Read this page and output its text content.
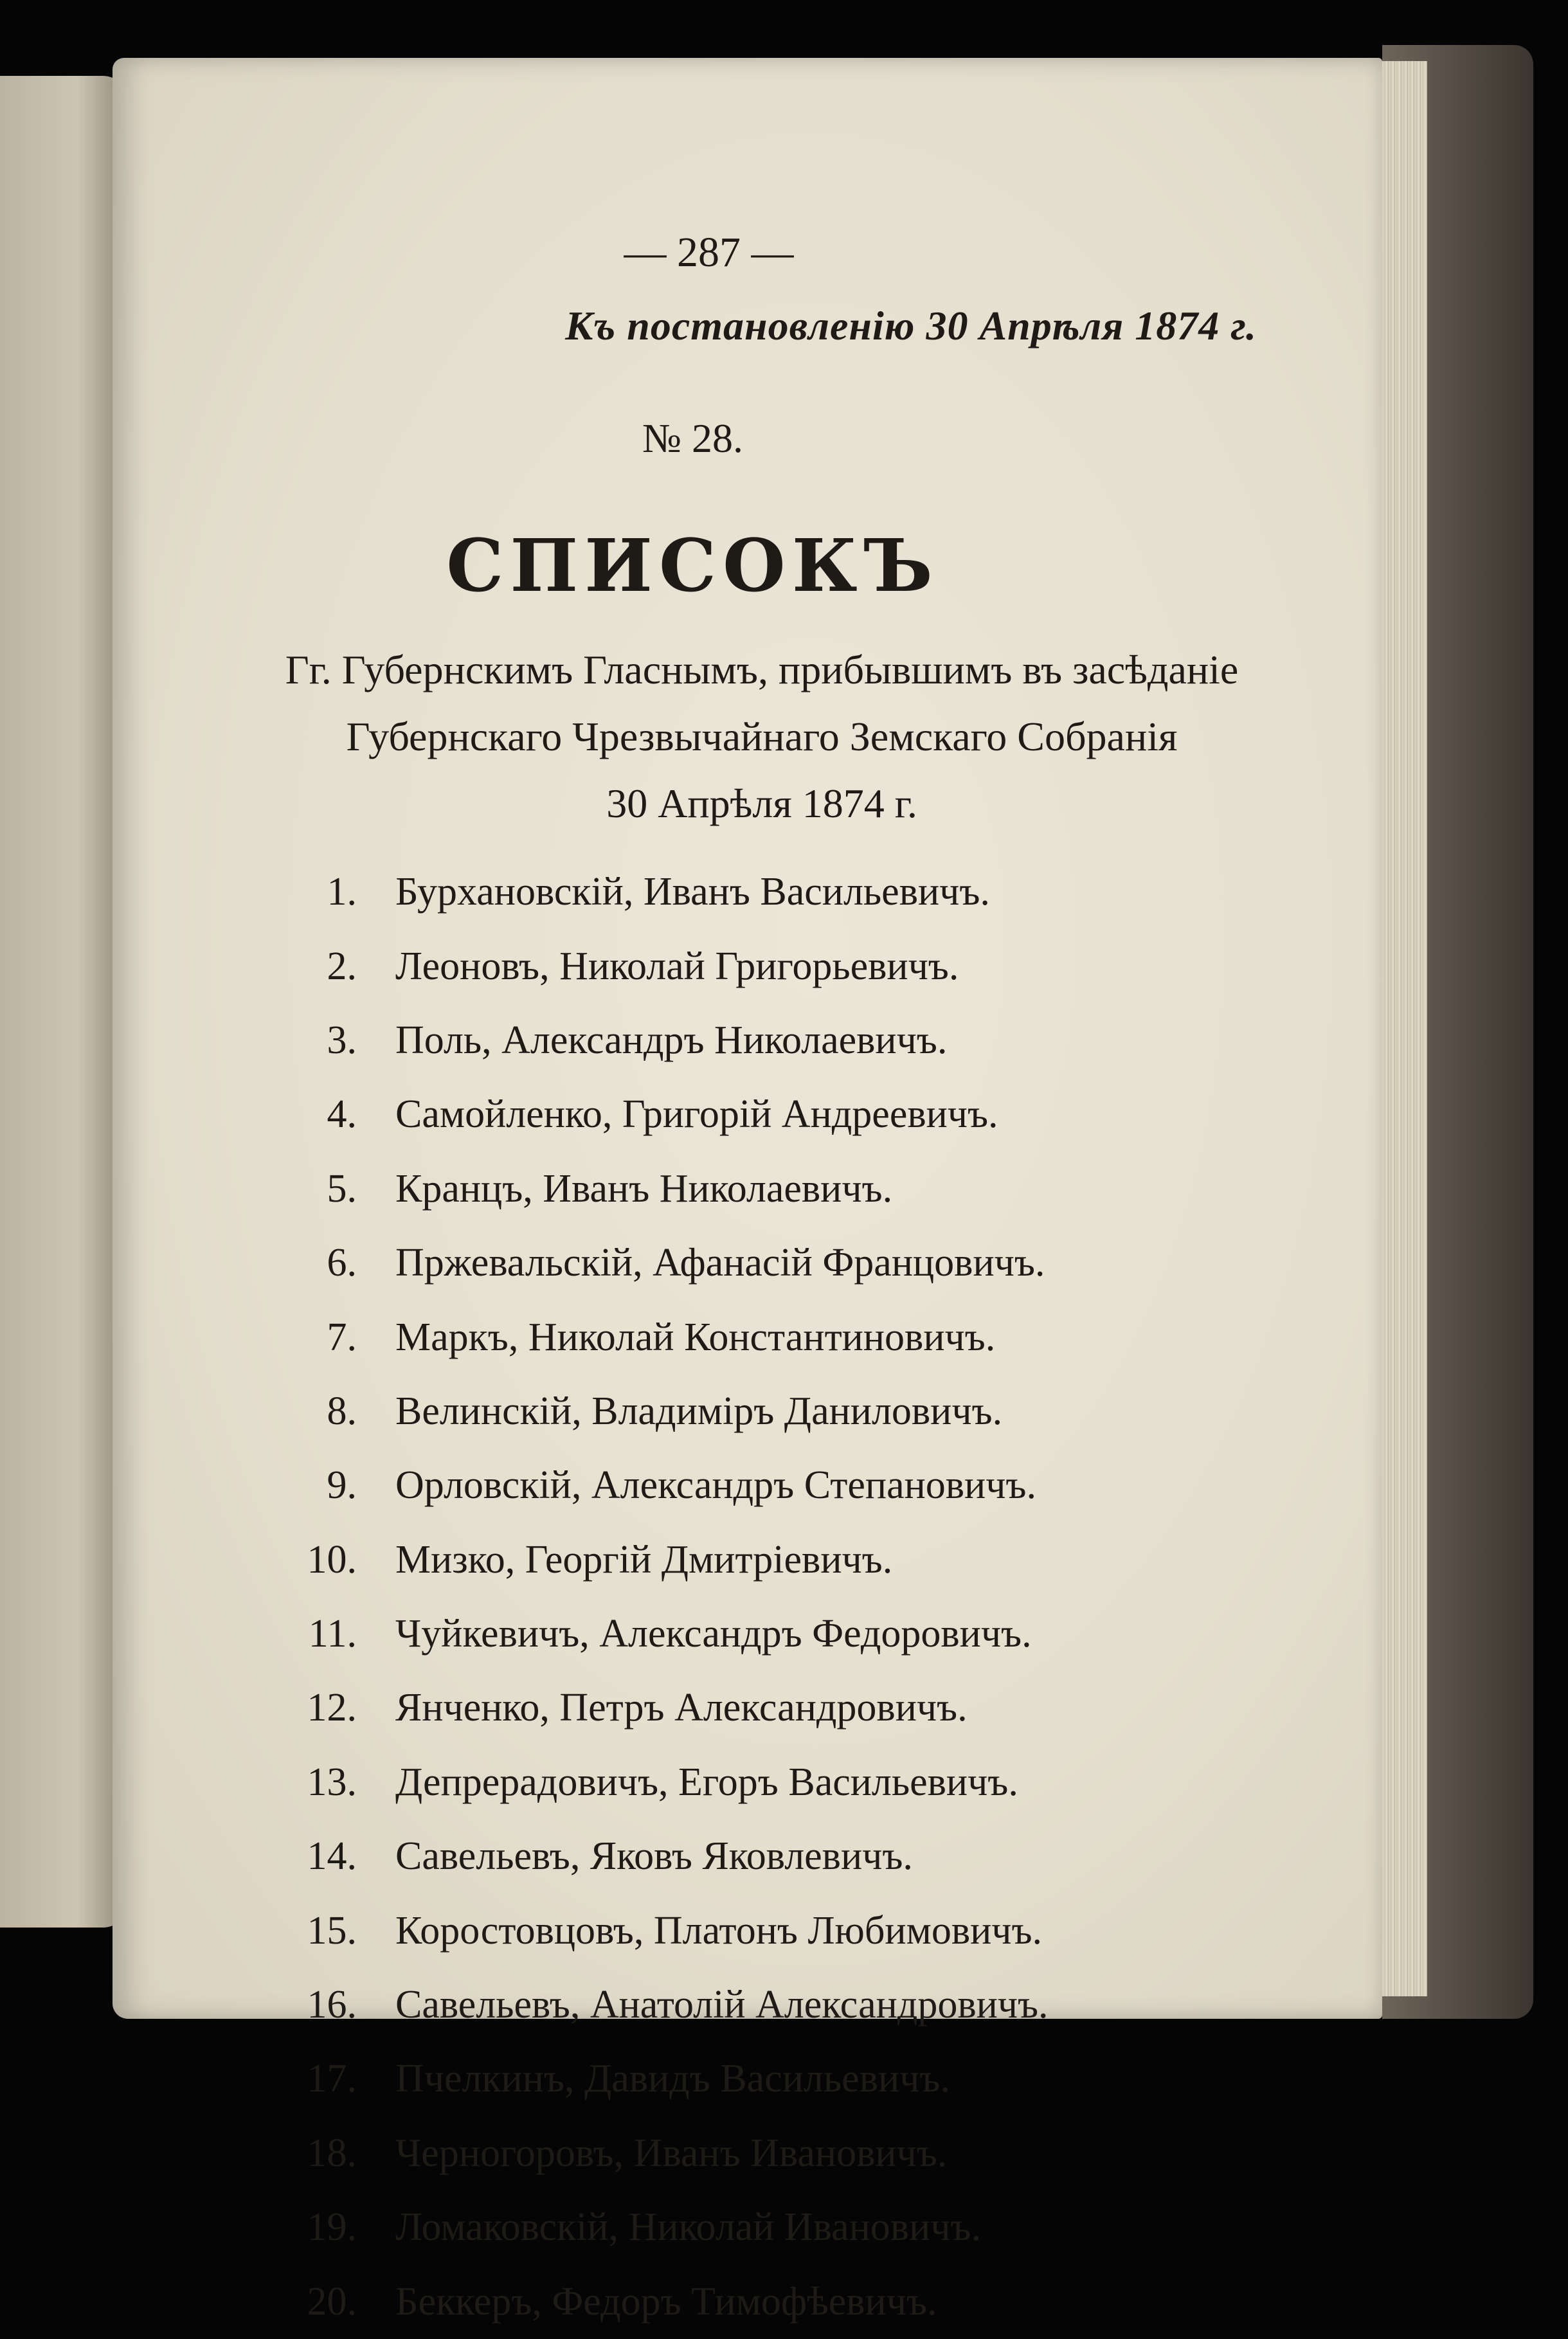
— 287 —
Къ постановленію 30 Апрѣля 1874 г.
№ 28.
СПИСОКЪ
Гг. Губернскимъ Гласнымъ, прибывшимъ въ засѣданіе
Губернскаго Чрезвычайнаго Земскаго Собранія
30 Апрѣля 1874 г.
1. Бурхановскій, Иванъ Васильевичъ.
2. Леоновъ, Николай Григорьевичъ.
3. Поль, Александръ Николаевичъ.
4. Самойленко, Григорій Андреевичъ.
5. Кранцъ, Иванъ Николаевичъ.
6. Пржевальскій, Афанасій Францовичъ.
7. Маркъ, Николай Константиновичъ.
8. Велинскій, Владиміръ Даниловичъ.
9. Орловскій, Александръ Степановичъ.
10. Мизко, Георгій Дмитріевичъ.
11. Чуйкевичъ, Александръ Федоровичъ.
12. Янченко, Петръ Александровичъ.
13. Депрерадовичъ, Егоръ Васильевичъ.
14. Савельевъ, Яковъ Яковлевичъ.
15. Коростовцовъ, Платонъ Любимовичъ.
16. Савельевъ, Анатолій Александровичъ.
17. Пчелкинъ, Давидъ Васильевичъ.
18. Черногоровъ, Иванъ Ивановичъ.
19. Ломаковскій, Николай Ивановичъ.
20. Беккеръ, Федоръ Тимофѣевичъ.
